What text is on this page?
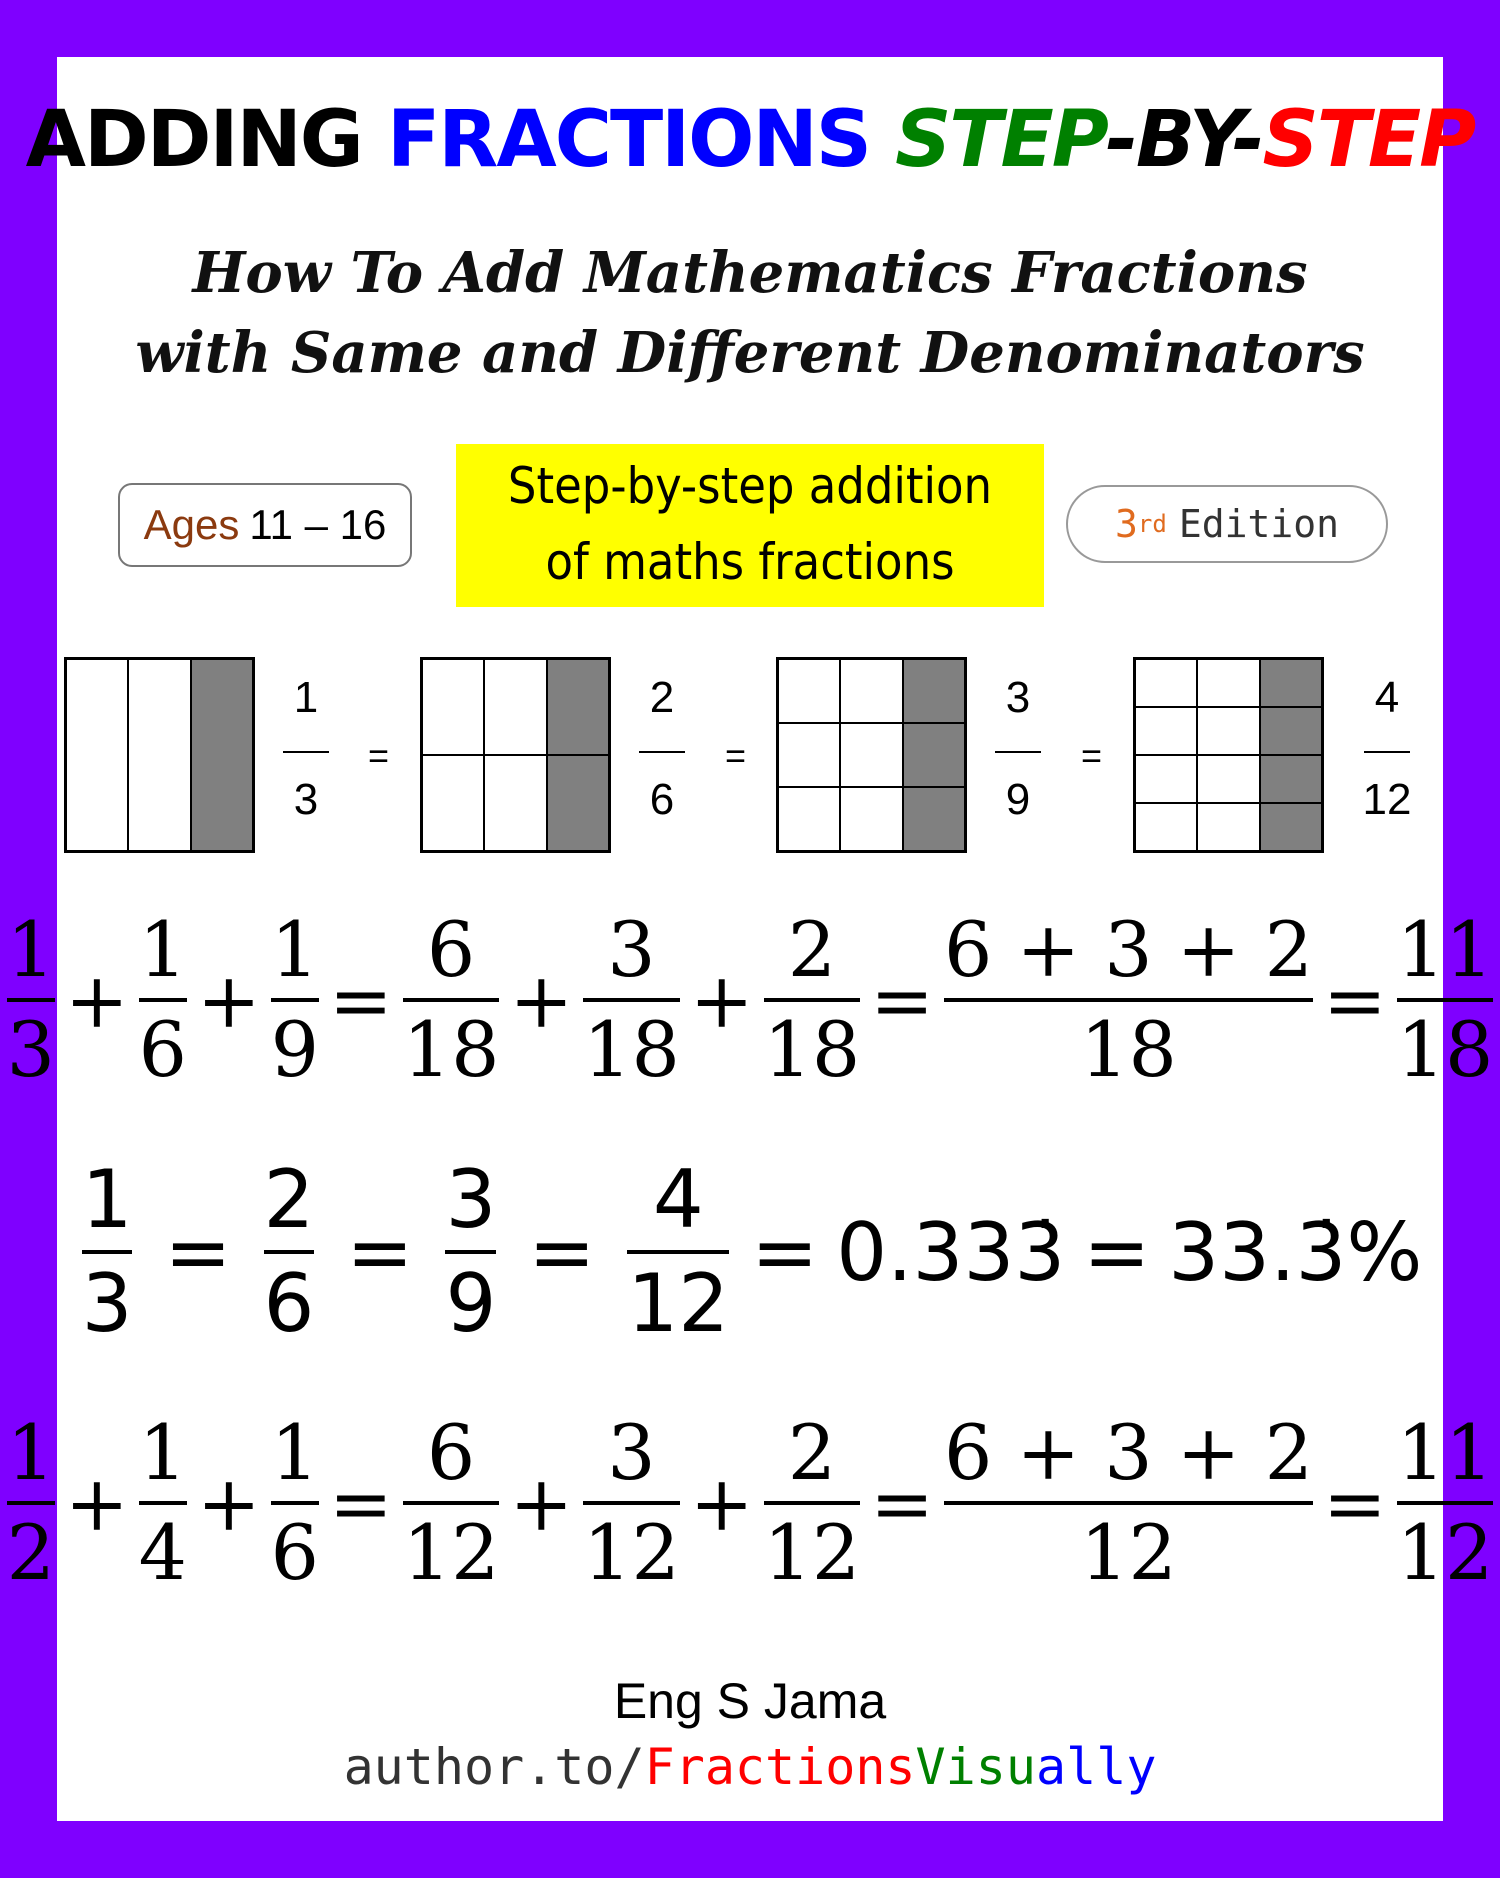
ADDING FRACTIONS STEP-BY-STEP
How To Add Mathematics Fractions
with Same and Different Denominators
Ages 11 – 16
Step-by-step addition
of maths fractions
3 rd Edition
1
3
2
6
3
9
4
12
=	=	=
$\frac{1}{3} + \frac{1}{6} + \frac{1}{9} = \frac{6}{18} + \frac{3}{18} + \frac{2}{18} = \frac{6 + 3 + 2}{18} = \frac{11}{18}$
$\frac{1}{3} = \frac{2}{6} = \frac{3}{9} = \frac{4}{12}$ = 0.333̇ = 33.3̇%
$\frac{1}{2} + \frac{1}{4} + \frac{1}{6} = \frac{6}{12} + \frac{3}{12} + \frac{2}{12} = \frac{6 + 3 + 2}{12} = \frac{11}{12}$
Eng S Jama
author.to/FractionsVisually
